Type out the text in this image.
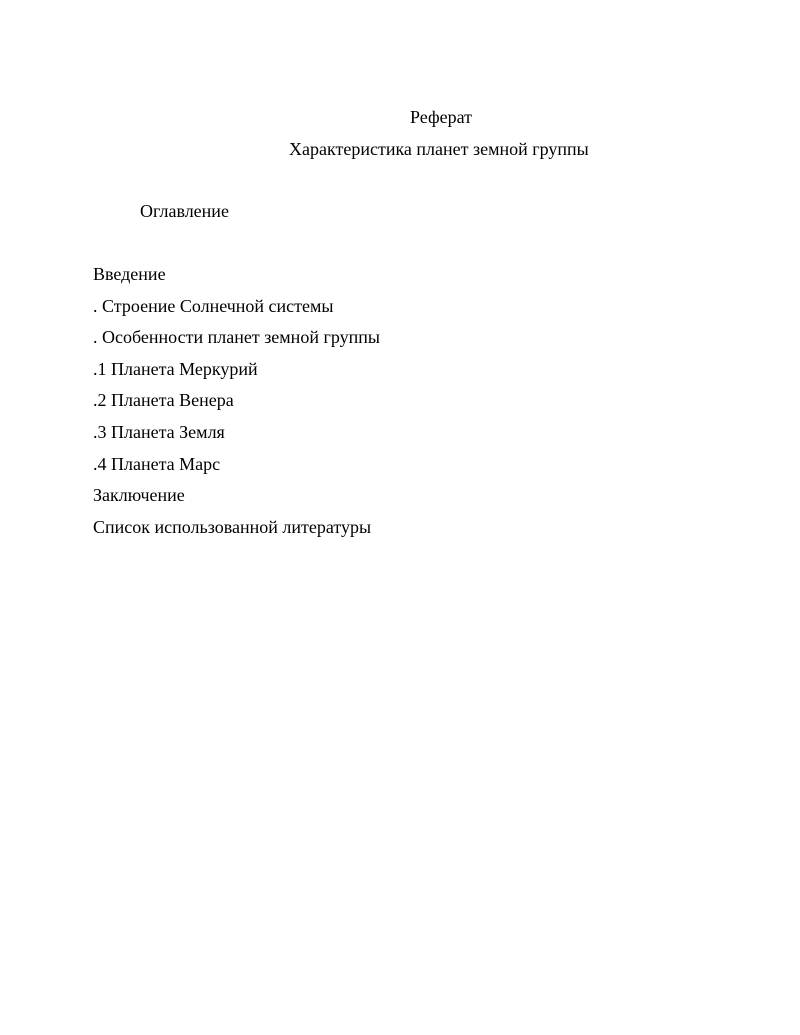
Реферат
Характеристика планет земной группы
Оглавление
Введение
. Строение Солнечной системы
. Особенности планет земной группы
.1 Планета Меркурий
.2 Планета Венера
.3 Планета Земля
.4 Планета Марс
Заключение
Список использованной литературы
